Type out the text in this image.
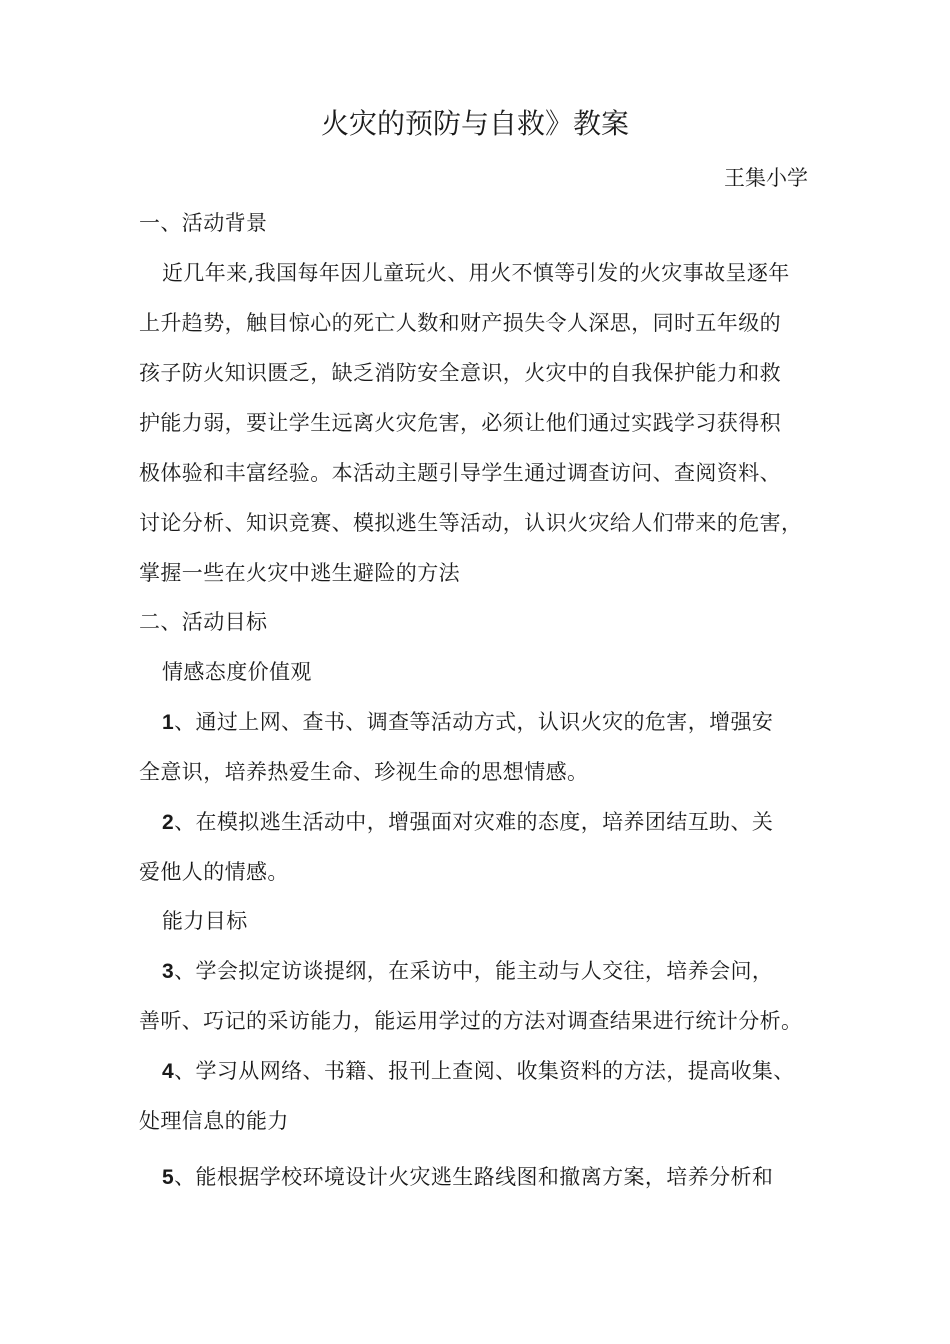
火灾的预防与自救》教案
王集小学
一、活动背景
近几年来,我国每年因儿童玩火、用火不慎等引发的火灾事故呈逐年
上升趋势，触目惊心的死亡人数和财产损失令人深思，同时五年级的
孩子防火知识匮乏，缺乏消防安全意识，火灾中的自我保护能力和救
护能力弱，要让学生远离火灾危害，必须让他们通过实践学习获得积
极体验和丰富经验。本活动主题引导学生通过调查访问、查阅资料、
讨论分析、知识竞赛、模拟逃生等活动，认识火灾给人们带来的危害，
掌握一些在火灾中逃生避险的方法
二、活动目标
情感态度价值观
1、通过上网、查书、调查等活动方式，认识火灾的危害，增强安
全意识，培养热爱生命、珍视生命的思想情感。
2、在模拟逃生活动中，增强面对灾难的态度，培养团结互助、关
爱他人的情感。
能力目标
3、学会拟定访谈提纲，在采访中，能主动与人交往，培养会问，
善听、巧记的采访能力，能运用学过的方法对调查结果进行统计分析。
4、学习从网络、书籍、报刊上查阅、收集资料的方法，提高收集、
处理信息的能力
5、能根据学校环境设计火灾逃生路线图和撤离方案，培养分析和
